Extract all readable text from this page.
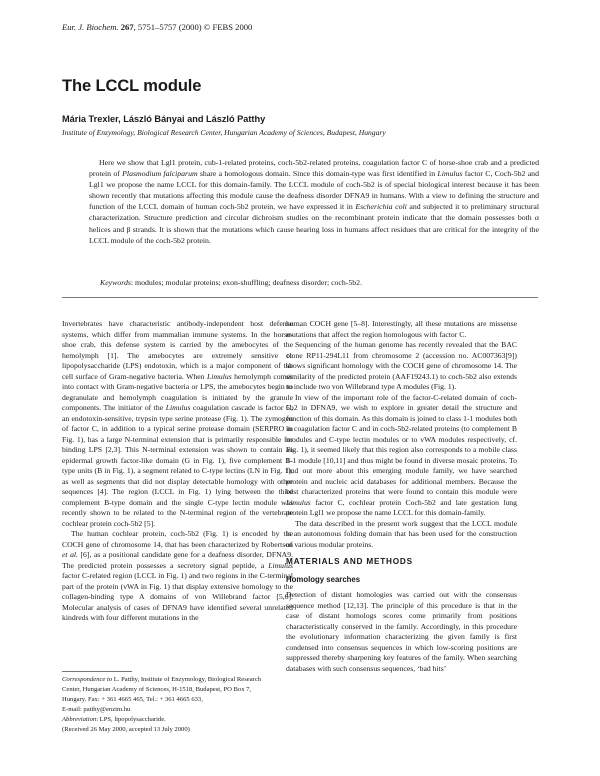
Eur. J. Biochem. 267, 5751–5757 (2000) © FEBS 2000
The LCCL module
Mária Trexler, László Bányai and László Patthy
Institute of Enzymology, Biological Research Center, Hungarian Academy of Sciences, Budapest, Hungary

Here we show that Lgl1 protein, cub-1-related proteins, coch-5b2-related proteins, coagulation factor C of horse-shoe crab and a predicted protein of Plasmodium falciparum share a homologous domain. Since this domain-type was first identified in Limulus factor C, Coch-5b2 and Lgl1 we propose the name LCCL for this domain-family. The LCCL module of coch-5b2 is of special biological interest because it has been shown recently that mutations affecting this module cause the deafness disorder DFNA9 in humans. With a view to defining the structure and function of the LCCL domain of human coch-5b2 protein, we have expressed it in Escherichia coli and subjected it to preliminary structural characterization. Structure prediction and circular dichroism studies on the recombinant protein indicate that the domain possesses both α helices and β strands. It is shown that the mutations which cause hearing loss in humans affect residues that are critical for the integrity of the LCCL module of the coch-5b2 protein.

Keywords: modules; modular proteins; exon-shuffling; deafness disorder; coch-5b2.

Invertebrates have characteristic antibody-independent host defense systems, which differ from mammalian immune systems. In the horse-shoe crab, this defense system is carried by the amebocytes of the hemolymph [1]. The amebocytes are extremely sensitive to lipopolysaccharide (LPS) endotoxin, which is a major component of the cell surface of Gram-negative bacteria. When Limulus hemolymph comes into contact with Gram-negative bacteria or LPS, the amebocytes begin to degranulate and hemolymph coagulation is initiated by the granule components. The initiator of the Limulus coagulation cascade is factor C, an endotoxin-sensitive, trypsin type serine protease (Fig. 1). The zymogen of factor C, in addition to a typical serine protease domain (SERPRO in Fig. 1), has a large N-terminal extension that is primarily responsible for binding LPS [2,3]. This N-terminal extension was shown to contain an epidermal growth factor-like domain (G in Fig. 1), five complement B-type units (B in Fig. 1), a segment related to C-type lectins (LN in Fig. 1), as well as segments that did not display detectable homology with other sequences [4]. The region (LCCL in Fig. 1) lying between the third complement B-type domain and the single C-type lectin module was recently shown to be related to the N-terminal region of the vertebrate cochlear protein coch-5b2 [5].

The human cochlear protein, coch-5b2 (Fig. 1) is encoded by the COCH gene of chromosome 14, that has been characterized by Robertson et al. [6], as a positional candidate gene for a deafness disorder, DFNA9. The predicted protein possesses a secretory signal peptide, a Limulus factor C-related region (LCCL in Fig. 1) and two regions in the C-terminal part of the protein (vWA in Fig. 1) that display extensive homology to the collagen-binding type A domains of von Willebrand factor [5,6]. Molecular analysis of cases of DFNA9 have identified several unrelated kindreds with four different mutations in the

human COCH gene [5–8]. Interestingly, all these mutations are missense mutations that affect the region homologous with factor C.

Sequencing of the human genome has recently revealed that the BAC clone RP11-294L11 from chromosome 2 (accession no. AC007363[9]) shows significant homology with the COCH gene of chromosome 14. The similarity of the predicted protein (AAF19243.1) to coch-5b2 also extends to include two von Willebrand type A modules (Fig. 1).

In view of the important role of the factor-C-related domain of coch-5b2 in DFNA9, we wish to explore in greater detail the structure and function of this domain. As this domain is joined to class 1-1 modules both in coagulation factor C and in coch-5b2-related proteins (to complement B modules and C-type lectin modules or to vWA modules respectively, cf. Fig. 1), it seemed likely that this region also corresponds to a mobile class 1-1 module [10,11] and thus might be found in diverse mosaic proteins. To find out more about this emerging module family, we have searched protein and nucleic acid databases for additional members. Because the best characterized proteins that were found to contain this module were Limulus factor C, cochlear protein Coch-5b2 and late gestation lung protein Lgl1 we propose the name LCCL for this domain-family.

The data described in the present work suggest that the LCCL module is an autonomous folding domain that has been used for the construction of various modular proteins.

MATERIALS AND METHODS

Homology searches

Detection of distant homologies was carried out with the consensus sequence method [12,13]. The principle of this procedure is that in the case of distant homologs scores come primarily from positions characteristically conserved in the family. Accordingly, in this procedure the evolutionary information characterizing the given family is first condensed into consensus sequences in which low-scoring positions are suppressed thereby sharpening key features of the family. When searching databases with such consensus sequences, ‘bad hits’

Correspondence to L. Patthy, Institute of Enzymology, Biological Research
Center, Hungarian Academy of Sciences, H-1518, Budapest, PO Box 7,
Hungary. Fax: + 361 4665 465, Tel.: + 361 4665 633,
E-mail: patthy@enzim.hu
Abbreviation: LPS, lipopolysaccharide.
(Received 26 May 2000, accepted 13 July 2000)
